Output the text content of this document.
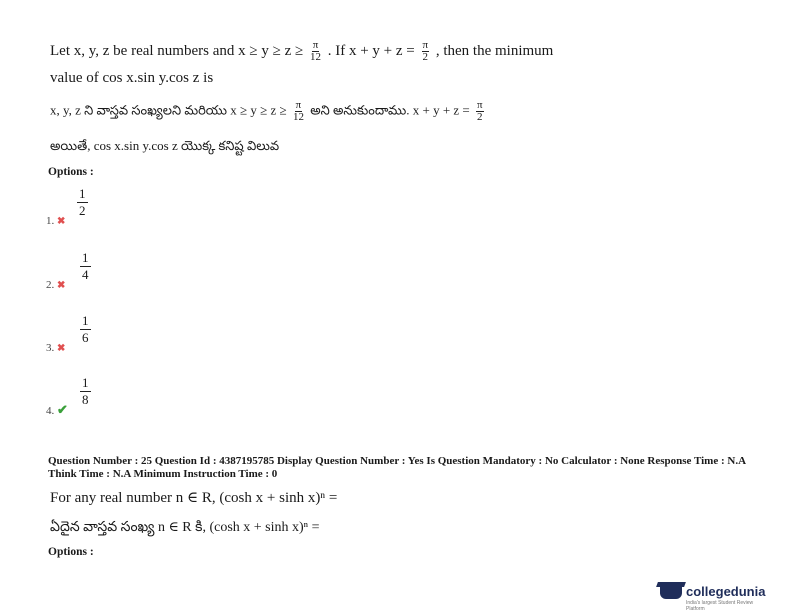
Let x, y, z be real numbers and $x \ge y \ge z \ge \frac{\pi}{12}$ . If $x + y + z = \frac{\pi}{2}$ , then the minimum
value of cos x.sin y.cos z is
x, y, z ని వాస్తవ సంఖ్యలని మరియు $x \ge y \ge z \ge \frac{\pi}{12}$ అని అనుకుందాము. $x + y + z = \frac{\pi}{2}$
అయితే, cos x.sin y.cos z యొక్క కనిష్ట విలువ
Options :
1. ✖
$\frac{1}{2}$
2. ✖
$\frac{1}{4}$
3. ✖
$\frac{1}{6}$
4. ✔
$\frac{1}{8}$
Question Number : 25 Question Id : 4387195785 Display Question Number : Yes Is Question Mandatory : No Calculator : None Response Time : N.A Think Time : N.A Minimum Instruction Time : 0
For any real number n ∈ R, (cosh x + sinh x)ⁿ =
ఏదైన వాస్తవ సంఖ్య n ∈ R కి, (cosh x + sinh x)ⁿ =
Options :
collegedunia
India's largest Student Review Platform
